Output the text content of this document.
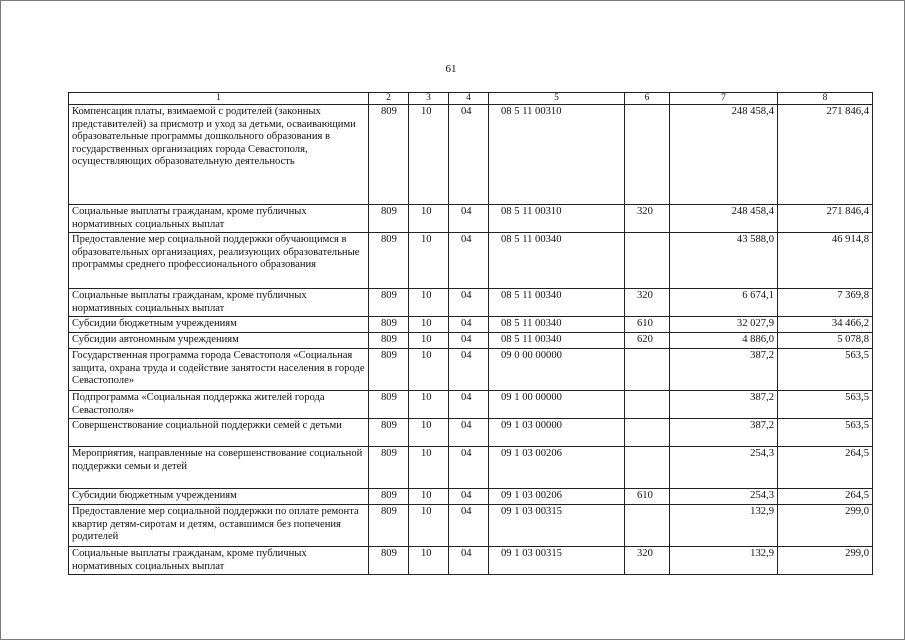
61
1	2	3	4	5	6	7	8
Компенсация платы, взимаемой с родителей (законных представителей) за присмотр и уход за детьми, осваивающими образовательные программы дошкольного образования в государственных организациях города Севастополя, осуществляющих образовательную деятельность	809	10	04	08 5 11 00310		248 458,4	271 846,4
Социальные выплаты гражданам, кроме публичных нормативных социальных выплат	809	10	04	08 5 11 00310	320	248 458,4	271 846,4
Предоставление мер социальной поддержки обучающимся в образовательных организациях, реализующих образовательные программы среднего профессионального образования	809	10	04	08 5 11 00340		43 588,0	46 914,8
Социальные выплаты гражданам, кроме публичных нормативных социальных выплат	809	10	04	08 5 11 00340	320	6 674,1	7 369,8
Субсидии бюджетным учреждениям	809	10	04	08 5 11 00340	610	32 027,9	34 466,2
Субсидии автономным учреждениям	809	10	04	08 5 11 00340	620	4 886,0	5 078,8
Государственная программа города Севастополя «Социальная защита, охрана труда и содействие занятости населения в городе Севастополе»	809	10	04	09 0 00 00000		387,2	563,5
Подпрограмма «Социальная поддержка жителей города Севастополя»	809	10	04	09 1 00 00000		387,2	563,5
Совершенствование социальной поддержки семей с детьми	809	10	04	09 1 03 00000		387,2	563,5
Мероприятия, направленные на совершенствование социальной поддержки семьи и детей	809	10	04	09 1 03 00206		254,3	264,5
Субсидии бюджетным учреждениям	809	10	04	09 1 03 00206	610	254,3	264,5
Предоставление мер социальной поддержки по оплате ремонта квартир детям-сиротам и детям, оставшимся без попечения родителей	809	10	04	09 1 03 00315		132,9	299,0
Социальные выплаты гражданам, кроме публичных нормативных социальных выплат	809	10	04	09 1 03 00315	320	132,9	299,0
